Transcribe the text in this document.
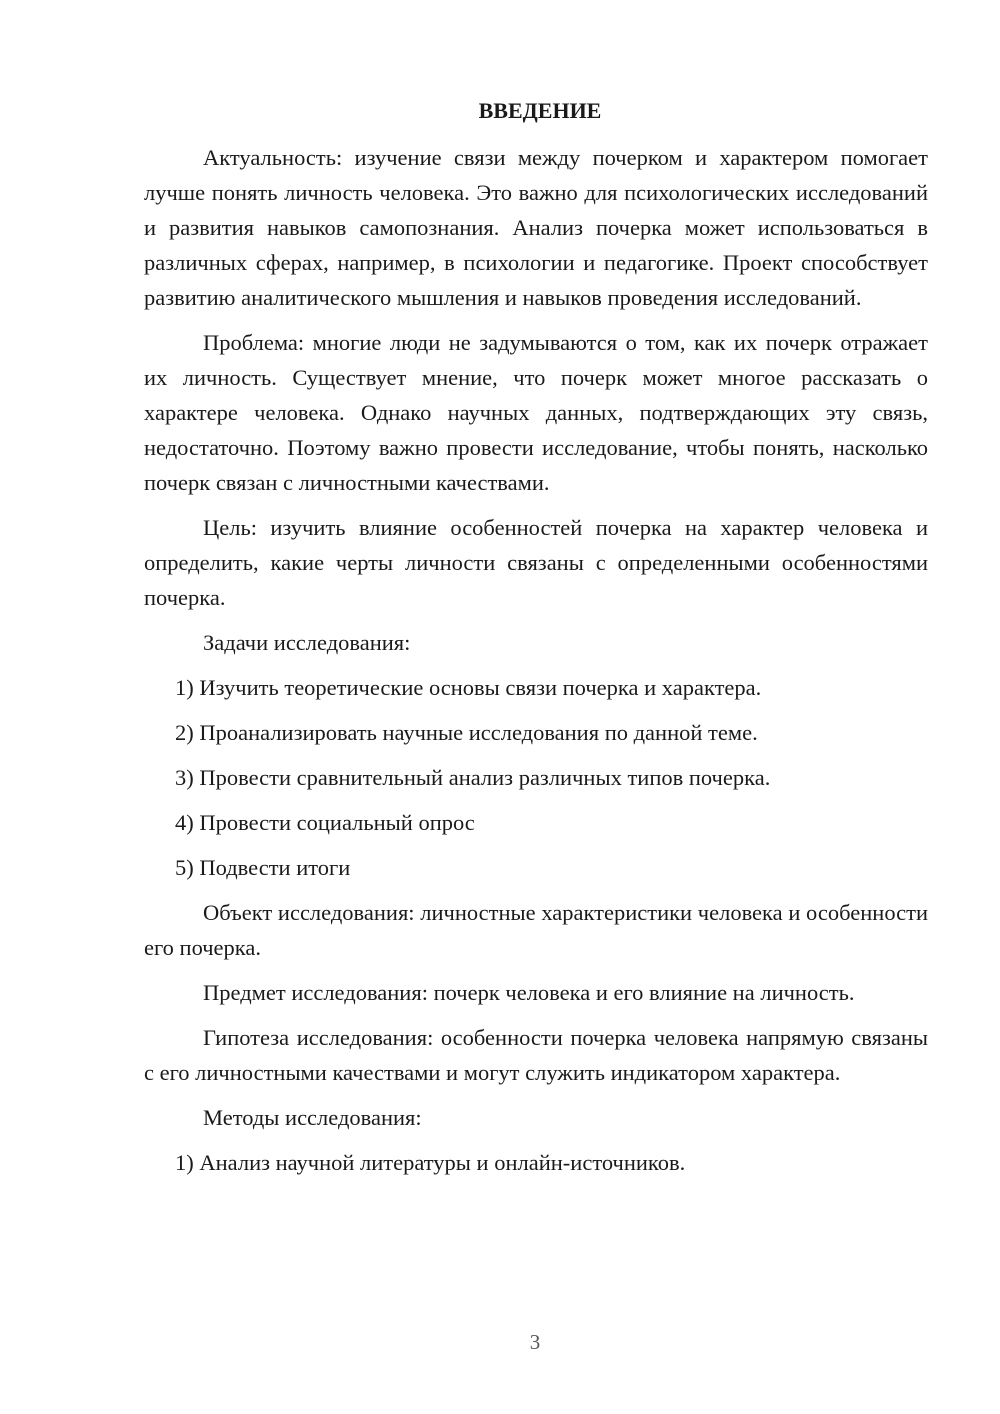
ВВЕДЕНИЕ

Актуальность: изучение связи между почерком и характером помогает лучше понять личность человека. Это важно для психологических исследований и развития навыков самопознания. Анализ почерка может использоваться в различных сферах, например, в психологии и педагогике. Проект способствует развитию аналитического мышления и навыков проведения исследований.

Проблема: многие люди не задумываются о том, как их почерк отражает их личность. Существует мнение, что почерк может многое рассказать о характере человека. Однако научных данных, подтверждающих эту связь, недостаточно. Поэтому важно провести исследование, чтобы понять, насколько почерк связан с личностными качествами.

Цель: изучить влияние особенностей почерка на характер человека и определить, какие черты личности связаны с определенными особенностями почерка.

Задачи исследования:

1) Изучить теоретические основы связи почерка и характера.

2) Проанализировать научные исследования по данной теме.

3) Провести сравнительный анализ различных типов почерка.

4) Провести социальный опрос

5) Подвести итоги

Объект исследования: личностные характеристики человека и особенности его почерка.

Предмет исследования: почерк человека и его влияние на личность.

Гипотеза исследования: особенности почерка человека напрямую связаны с его личностными качествами и могут служить индикатором характера.

Методы исследования:

1) Анализ научной литературы и онлайн-источников.

3
